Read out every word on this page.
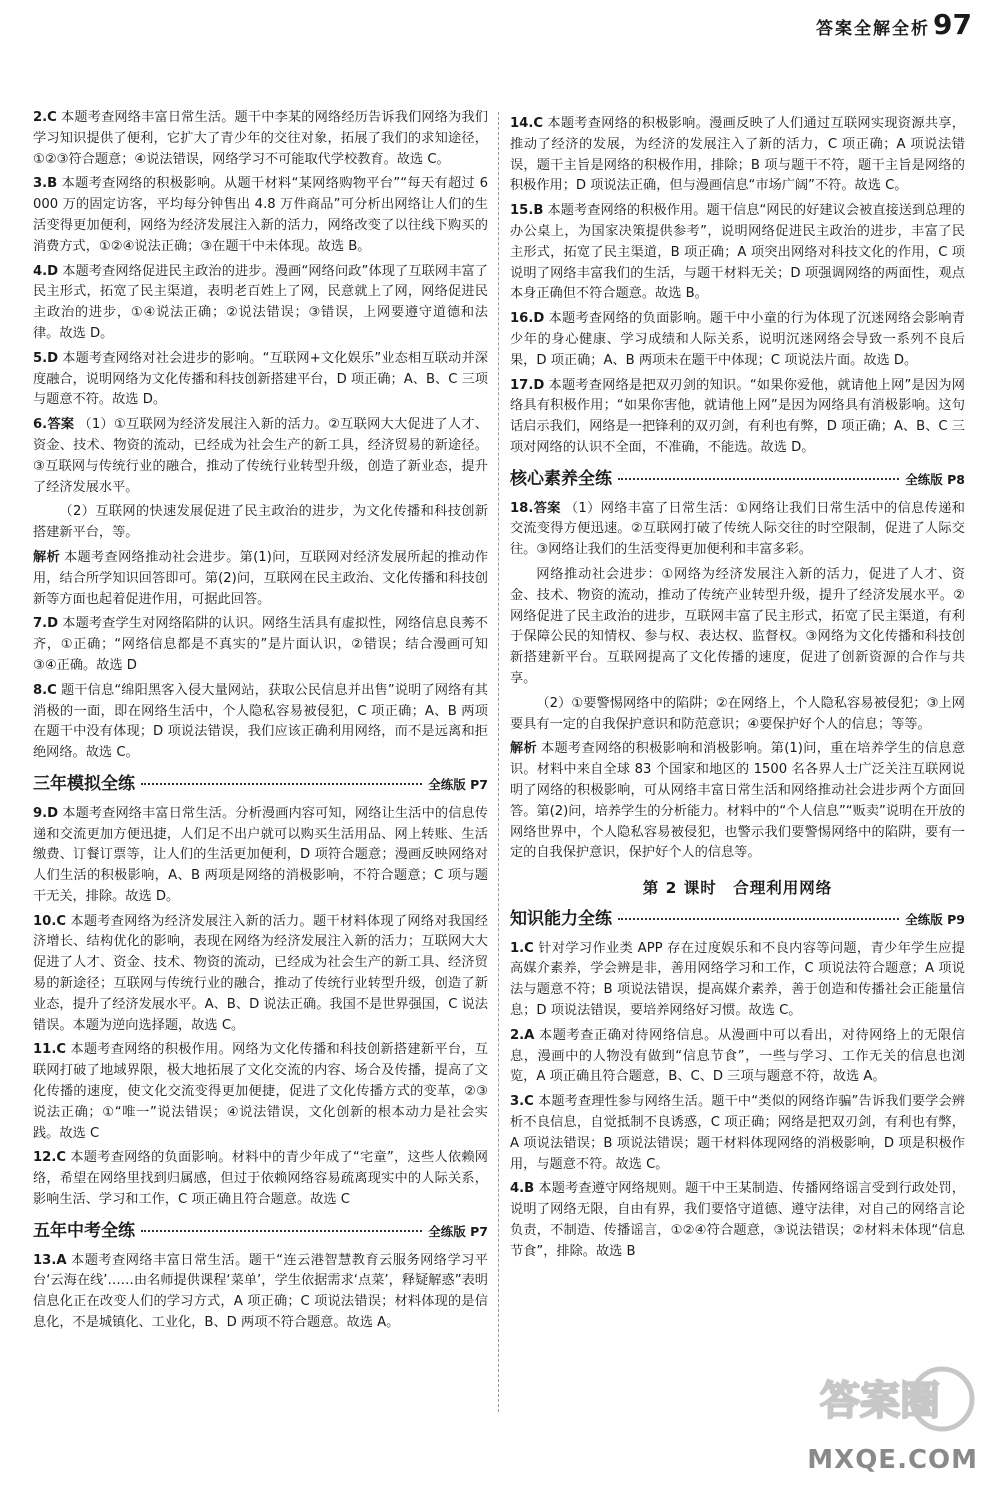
答案全解全析 97
2.C 本题考查网络丰富日常生活。题干中李某的网络经历告诉我们网络为我们学习知识提供了便利，它扩大了青少年的交往对象，拓展了我们的求知途径，①②③符合题意；④说法错误，网络学习不可能取代学校教育。故选 C。
3.B 本题考查网络的积极影响。从题干材料“某网络购物平台”“每天有超过 6 000 万的固定访客，平均每分钟售出 4.8 万件商品”可分析出网络让人们的生活变得更加便利，网络为经济发展注入新的活力，网络改变了以往线下购买的消费方式，①②④说法正确；③在题干中未体现。故选 B。
4.D 本题考查网络促进民主政治的进步。漫画“网络问政”体现了互联网丰富了民主形式，拓宽了民主渠道，表明老百姓上了网，民意就上了网，网络促进民主政治的进步，①④说法正确；②说法错误；③错误，上网要遵守道德和法律。故选 D。
5.D 本题考查网络对社会进步的影响。“互联网+文化娱乐”业态相互联动并深度融合，说明网络为文化传播和科技创新搭建平台，D 项正确；A、B、C 三项与题意不符。故选 D。
6.答案 （1）①互联网为经济发展注入新的活力。②互联网大大促进了人才、资金、技术、物资的流动，已经成为社会生产的新工具，经济贸易的新途径。③互联网与传统行业的融合，推动了传统行业转型升级，创造了新业态，提升了经济发展水平。
（2）互联网的快速发展促进了民主政治的进步，为文化传播和科技创新搭建新平台，等。
解析 本题考查网络推动社会进步。第(1)问，互联网对经济发展所起的推动作用，结合所学知识回答即可。第(2)问，互联网在民主政治、文化传播和科技创新等方面也起着促进作用，可据此回答。
7.D 本题考查学生对网络陷阱的认识。网络生活具有虚拟性，网络信息良莠不齐，①正确；“网络信息都是不真实的”是片面认识，②错误；结合漫画可知③④正确。故选 D
8.C 题干信息“绵阳黑客入侵大量网站，获取公民信息并出售”说明了网络有其消极的一面，即在网络生活中，个人隐私容易被侵犯，C 项正确；A、B 两项在题干中没有体现；D 项说法错误，我们应该正确利用网络，而不是远离和拒绝网络。故选 C。
三年模拟全练	全练版 P7
9.D 本题考查网络丰富日常生活。分析漫画内容可知，网络让生活中的信息传递和交流更加方便迅捷，人们足不出户就可以购买生活用品、网上转账、生活缴费、订餐订票等，让人们的生活更加便利，D 项符合题意；漫画反映网络对人们生活的积极影响，A、B 两项是网络的消极影响，不符合题意；C 项与题干无关，排除。故选 D。
10.C 本题考查网络为经济发展注入新的活力。题干材料体现了网络对我国经济增长、结构优化的影响，表现在网络为经济发展注入新的活力；互联网大大促进了人才、资金、技术、物资的流动，已经成为社会生产的新工具、经济贸易的新途径；互联网与传统行业的融合，推动了传统行业转型升级，创造了新业态，提升了经济发展水平。A、B、D 说法正确。我国不是世界强国，C 说法错误。本题为逆向选择题，故选 C。
11.C 本题考查网络的积极作用。网络为文化传播和科技创新搭建新平台，互联网打破了地域界限，极大地拓展了文化交流的内容、场合及传播，提高了文化传播的速度，使文化交流变得更加便捷，促进了文化传播方式的变革，②③说法正确；①“唯一”说法错误；④说法错误，文化创新的根本动力是社会实践。故选 C
12.C 本题考查网络的负面影响。材料中的青少年成了“宅童”，这些人依赖网络，希望在网络里找到归属感，但过于依赖网络容易疏离现实中的人际关系，影响生活、学习和工作，C 项正确且符合题意。故选 C
五年中考全练	全练版 P7
13.A 本题考查网络丰富日常生活。题干“连云港智慧教育云服务网络学习平台‘云海在线’……由名师提供课程‘菜单’，学生依据需求‘点菜’，释疑解惑”表明信息化正在改变人们的学习方式，A 项正确；C 项说法错误；材料体现的是信息化，不是城镇化、工业化，B、D 两项不符合题意。故选 A。
14.C 本题考查网络的积极影响。漫画反映了人们通过互联网实现资源共享，推动了经济的发展，为经济的发展注入了新的活力，C 项正确；A 项说法错误，题干主旨是网络的积极作用，排除；B 项与题干不符，题干主旨是网络的积极作用；D 项说法正确，但与漫画信息“市场广阔”不符。故选 C。
15.B 本题考查网络的积极作用。题干信息“网民的好建议会被直接送到总理的办公桌上，为国家决策提供参考”，说明网络促进民主政治的进步，丰富了民主形式，拓宽了民主渠道，B 项正确；A 项突出网络对科技文化的作用，C 项说明了网络丰富我们的生活，与题干材料无关；D 项强调网络的两面性，观点本身正确但不符合题意。故选 B。
16.D 本题考查网络的负面影响。题干中小童的行为体现了沉迷网络会影响青少年的身心健康、学习成绩和人际关系，说明沉迷网络会导致一系列不良后果，D 项正确；A、B 两项未在题干中体现；C 项说法片面。故选 D。
17.D 本题考查网络是把双刃剑的知识。“如果你爱他，就请他上网”是因为网络具有积极作用；“如果你害他，就请他上网”是因为网络具有消极影响。这句话启示我们，网络是一把锋利的双刃剑，有利也有弊，D 项正确；A、B、C 三项对网络的认识不全面，不准确，不能选。故选 D。
核心素养全练	全练版 P8
18.答案 （1）网络丰富了日常生活：①网络让我们日常生活中的信息传递和交流变得方便迅速。②互联网打破了传统人际交往的时空限制，促进了人际交往。③网络让我们的生活变得更加便利和丰富多彩。
网络推动社会进步：①网络为经济发展注入新的活力，促进了人才、资金、技术、物资的流动，推动了传统产业转型升级，提升了经济发展水平。②网络促进了民主政治的进步，互联网丰富了民主形式，拓宽了民主渠道，有利于保障公民的知情权、参与权、表达权、监督权。③网络为文化传播和科技创新搭建新平台。互联网提高了文化传播的速度，促进了创新资源的合作与共享。
（2）①要警惕网络中的陷阱；②在网络上，个人隐私容易被侵犯；③上网要具有一定的自我保护意识和防范意识；④要保护好个人的信息；等等。
解析 本题考查网络的积极影响和消极影响。第(1)问，重在培养学生的信息意识。材料中来自全球 83 个国家和地区的 1500 名各界人士广泛关注互联网说明了网络的积极影响，可从网络丰富日常生活和网络推动社会进步两个方面回答。第(2)问，培养学生的分析能力。材料中的“个人信息”“贩卖”说明在开放的网络世界中，个人隐私容易被侵犯，也警示我们要警惕网络中的陷阱，要有一定的自我保护意识，保护好个人的信息等。
第 2 课时　合理利用网络
知识能力全练	全练版 P9
1.C 针对学习作业类 APP 存在过度娱乐和不良内容等问题，青少年学生应提高媒介素养，学会辨是非，善用网络学习和工作，C 项说法符合题意；A 项说法与题意不符；B 项说法错误，提高媒介素养，善于创造和传播社会正能量信息；D 项说法错误，要培养网络好习惯。故选 C。
2.A 本题考查正确对待网络信息。从漫画中可以看出，对待网络上的无限信息，漫画中的人物没有做到“信息节食”，一些与学习、工作无关的信息也浏览，A 项正确且符合题意，B、C、D 三项与题意不符，故选 A。
3.C 本题考查理性参与网络生活。题干中“类似的网络诈骗”告诉我们要学会辨析不良信息，自觉抵制不良诱惑，C 项正确；网络是把双刃剑，有利也有弊，A 项说法错误；B 项说法错误；题干材料体现网络的消极影响，D 项是积极作用，与题意不符。故选 C。
4.B 本题考查遵守网络规则。题干中王某制造、传播网络谣言受到行政处罚，说明了网络无限，自由有界，我们要恪守道德、遵守法律，对自己的网络言论负责，不制造、传播谣言，①②④符合题意，③说法错误；②材料未体现“信息节食”，排除。故选 B
答案圈
MXQE.COM
